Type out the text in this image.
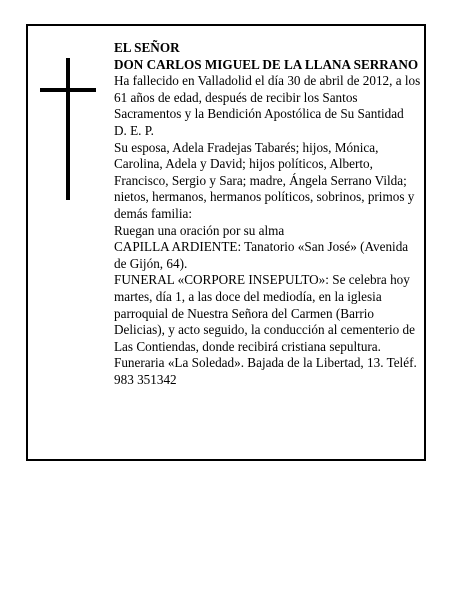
EL SEÑOR

DON CARLOS MIGUEL DE LA LLANA SERRANO

Ha fallecido en Valladolid el día 30 de abril de 2012, a los 61 años de edad, después de recibir los Santos Sacramentos y la Bendición Apostólica de Su Santidad

D. E. P.

Su esposa, Adela Fradejas Tabarés; hijos, Mónica, Carolina, Adela y David; hijos políticos, Alberto, Francisco, Sergio y Sara; madre, Ángela Serrano Vilda; nietos, hermanos, hermanos políticos, sobrinos, primos y demás familia:

Ruegan una oración por su alma

CAPILLA ARDIENTE: Tanatorio «San José» (Avenida de Gijón, 64).

FUNERAL «CORPORE INSEPULTO»: Se celebra hoy martes, día 1, a las doce del mediodía, en la iglesia parroquial de Nuestra Señora del Carmen (Barrio Delicias), y acto seguido, la conducción al cementerio de Las Contiendas, donde recibirá cristiana sepultura.

Funeraria «La Soledad». Bajada de la Libertad, 13. Teléf. 983 351342
